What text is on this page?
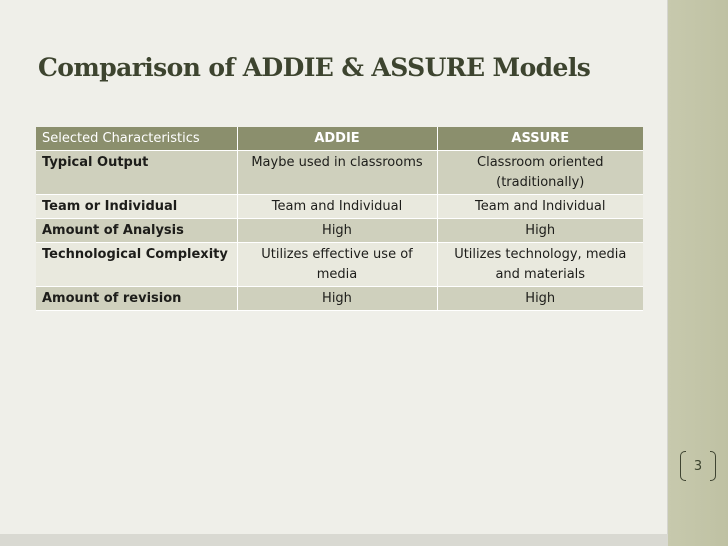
Comparison of ADDIE & ASSURE Models
Selected Characteristics	ADDIE	ASSURE
Typical Output	Maybe used in classrooms	Classroom oriented (traditionally)
Team or Individual	Team and Individual	Team and Individual
Amount of Analysis	High	High
Technological Complexity	Utilizes effective use of media	Utilizes technology, media and materials
Amount of revision	High	High
3
